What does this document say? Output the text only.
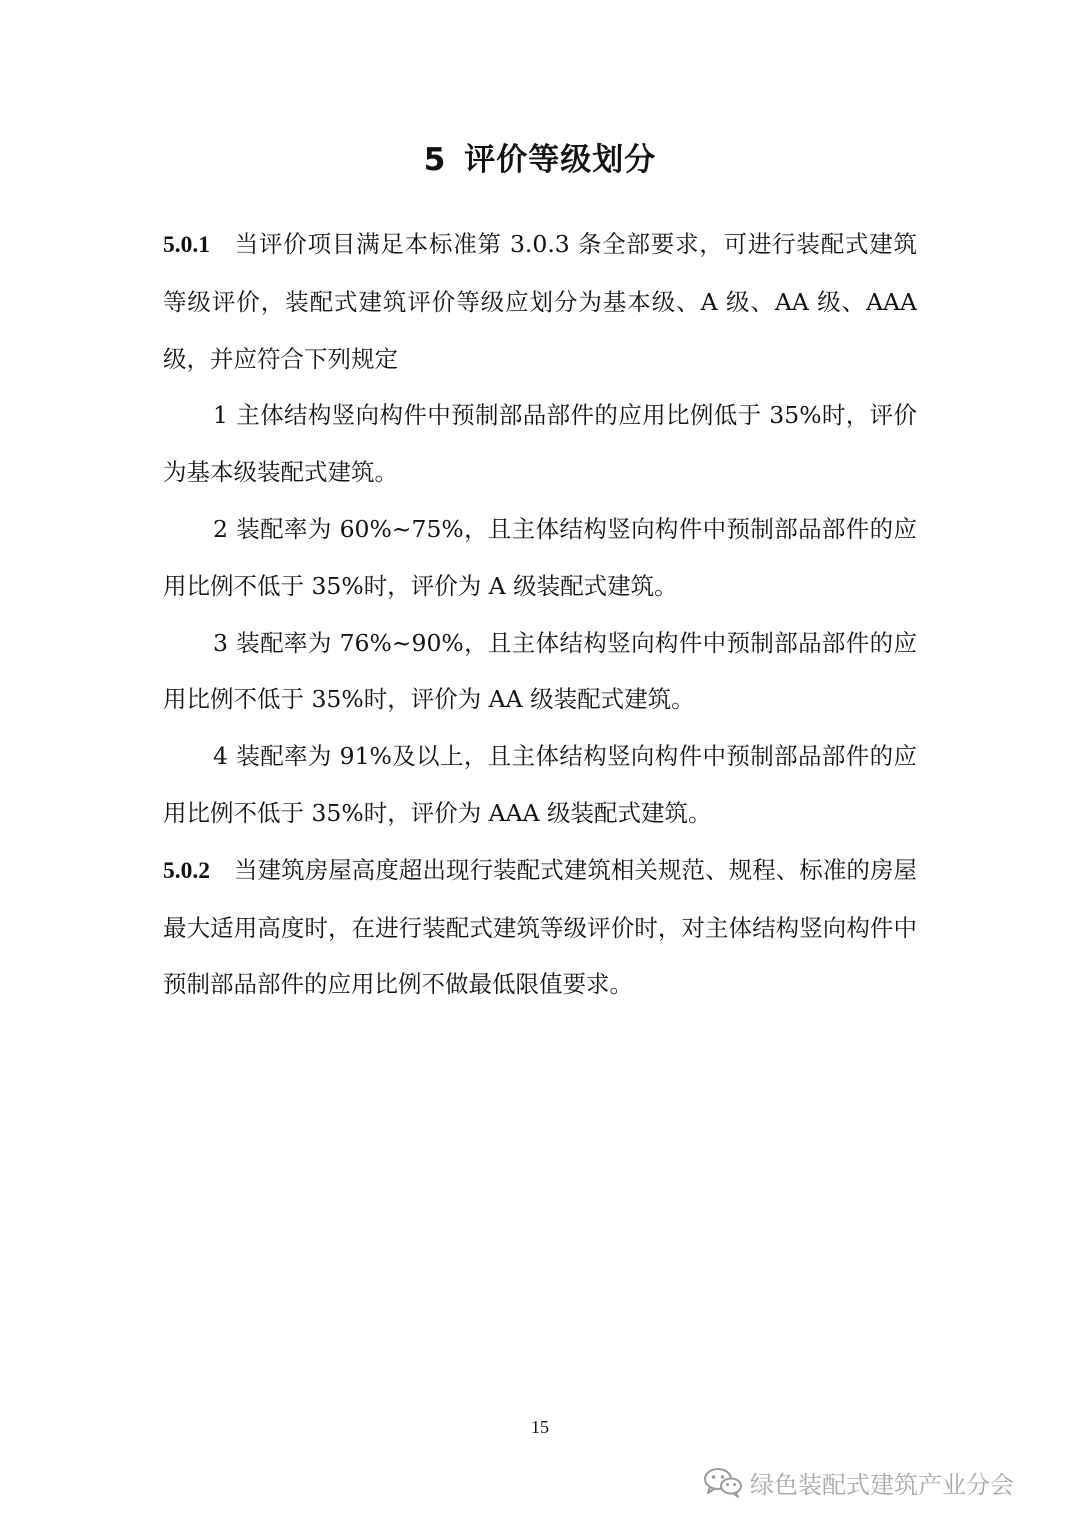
5 评价等级划分

5.0.1 当评价项目满足本标准第 3.0.3 条全部要求，可进行装配式建筑等级评价，装配式建筑评价等级应划分为基本级、A 级、AA 级、AAA 级，并应符合下列规定

1 主体结构竖向构件中预制部品部件的应用比例低于 35%时，评价为基本级装配式建筑。

2 装配率为 60%~75%，且主体结构竖向构件中预制部品部件的应用比例不低于 35%时，评价为 A 级装配式建筑。

3 装配率为 76%~90%，且主体结构竖向构件中预制部品部件的应用比例不低于 35%时，评价为 AA 级装配式建筑。

4 装配率为 91%及以上，且主体结构竖向构件中预制部品部件的应用比例不低于 35%时，评价为 AAA 级装配式建筑。

5.0.2 当建筑房屋高度超出现行装配式建筑相关规范、规程、标准的房屋最大适用高度时，在进行装配式建筑等级评价时，对主体结构竖向构件中预制部品部件的应用比例不做最低限值要求。

15
绿色装配式建筑产业分会
